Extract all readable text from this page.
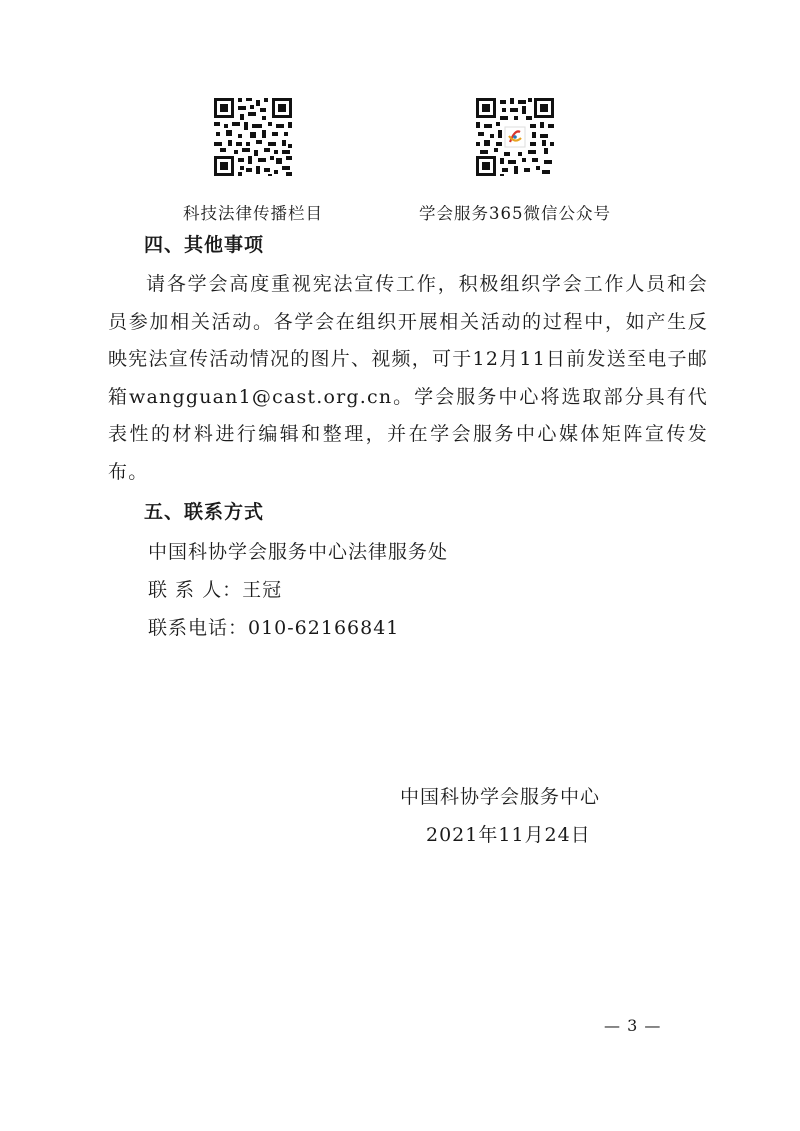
科技法律传播栏目	学会服务365微信公众号
四、其他事项

请各学会高度重视宪法宣传工作，积极组织学会工作人员和会员参加相关活动。各学会在组织开展相关活动的过程中，如产生反映宪法宣传活动情况的图片、视频，可于12月11日前发送至电子邮箱wangguan1@cast.org.cn。学会服务中心将选取部分具有代表性的材料进行编辑和整理，并在学会服务中心媒体矩阵宣传发布。

五、联系方式

中国科协学会服务中心法律服务处

联 系 人：王冠

联系电话：010-62166841

中国科协学会服务中心
2021年11月24日
— 3 —
